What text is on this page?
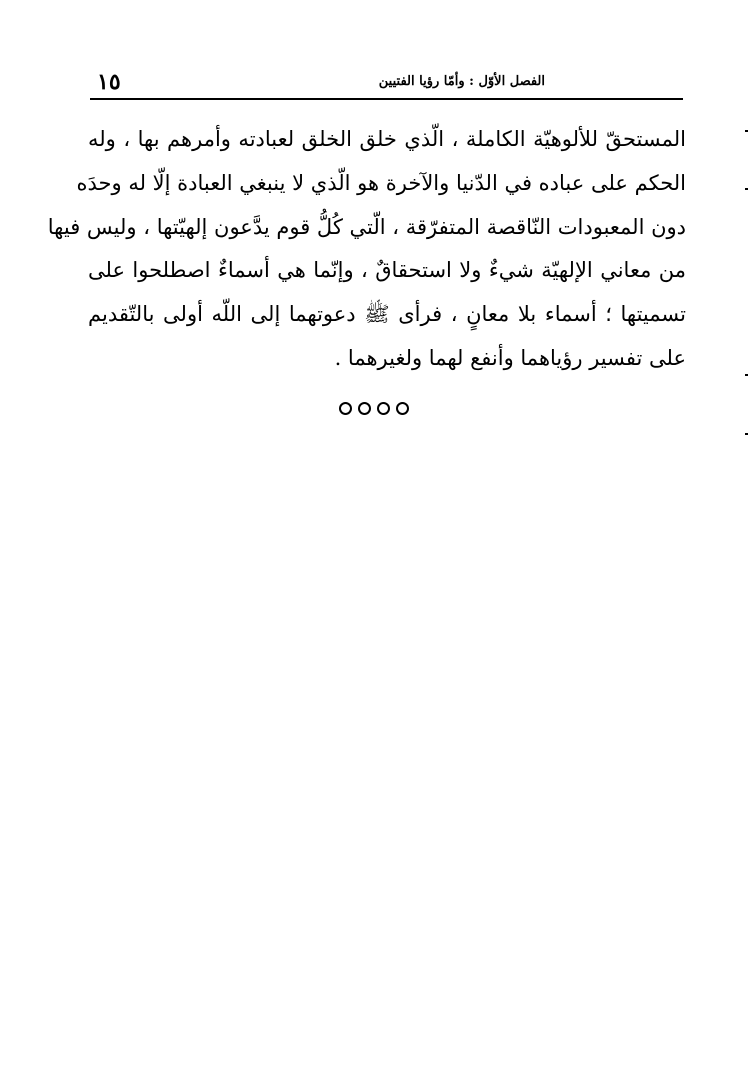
الفصل الأوّل : وأمّا رؤيا الفتيين
١٥
المستحقّ للألوهيّة الكاملة ، الّذي خلق الخلق لعبادته وأمرهم بها ، وله
الحكم على عباده في الدّنيا والآخرة هو الّذي لا ينبغي العبادة إلّا له وحدَه
دون المعبودات النّاقصة المتفرّقة ، الّتي كُلُّ قوم يدَّعون إلهيّتها ، وليس فيها
من معاني الإلهيّة شيءٌ ولا استحقاقٌ ، وإنّما هي أسماءٌ اصطلحوا على
تسميتها ؛ أسماء بلا معانٍ ، فرأى ﷺ دعوتهما إلى اللّه أولى بالتّقديم
على تفسير رؤياهما وأنفع لهما ولغيرهما .
